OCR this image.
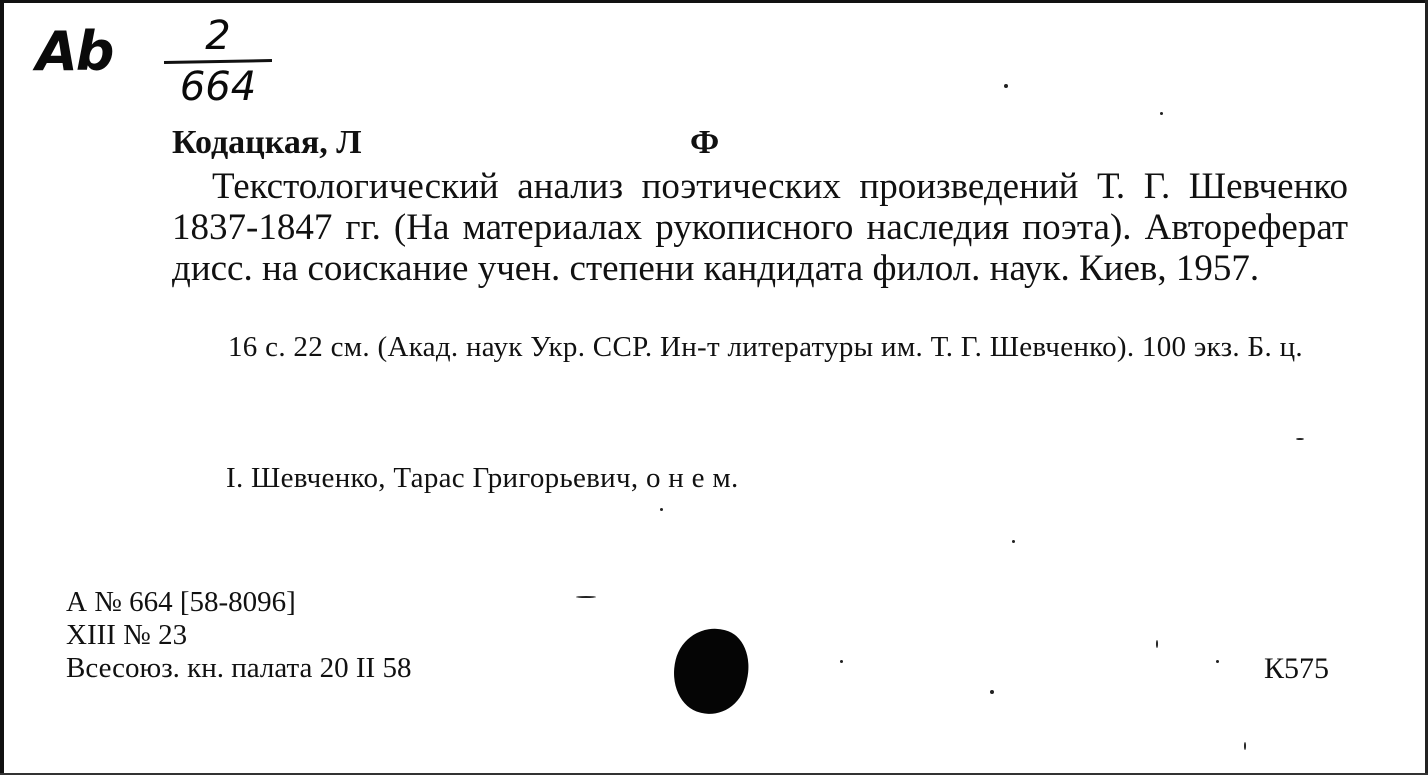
Ab	2
664
Кодацкая, Л	Ф

Текстологический анализ поэтических произведений Т. Г. Шевченко 1837-1847 гг. (На материалах рукописного наследия поэта). Автореферат дисс. на соискание учен. степени кандидата филол. наук. Киев, 1957.

16 с. 22 см. (Акад. наук Укр. ССР. Ин-т литературы им. Т. Г. Шевченко). 100 экз. Б. ц.

I. Шевченко, Тарас Григорьевич, о н е м.
А № 664 [58-8096]
XIII № 23
Всесоюз. кн. палата 20 II 58	К575
